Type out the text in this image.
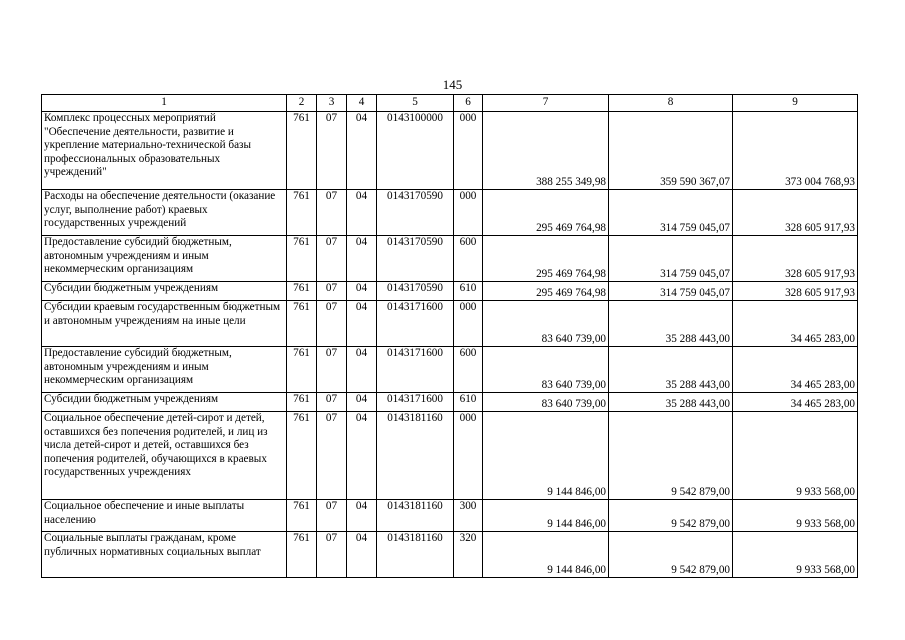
145
1	2	3	4	5	6	7	8	9
Комплекс процессных мероприятий "Обеспечение деятельности, развитие и укрепление материально-технической базы профессиональных образовательных учреждений"	761	07	04	0143100000	000	388 255 349,98	359 590 367,07	373 004 768,93
Расходы на обеспечение деятельности (оказание услуг, выполнение работ) краевых государственных учреждений	761	07	04	0143170590	000	295 469 764,98	314 759 045,07	328 605 917,93
Предоставление субсидий бюджетным, автономным учреждениям и иным некоммерческим организациям	761	07	04	0143170590	600	295 469 764,98	314 759 045,07	328 605 917,93
Субсидии бюджетным учреждениям	761	07	04	0143170590	610	295 469 764,98	314 759 045,07	328 605 917,93
Субсидии краевым государственным бюджетным и автономным учреждениям на иные цели	761	07	04	0143171600	000	83 640 739,00	35 288 443,00	34 465 283,00
Предоставление субсидий бюджетным, автономным учреждениям и иным некоммерческим организациям	761	07	04	0143171600	600	83 640 739,00	35 288 443,00	34 465 283,00
Субсидии бюджетным учреждениям	761	07	04	0143171600	610	83 640 739,00	35 288 443,00	34 465 283,00
Социальное обеспечение детей-сирот и детей, оставшихся без попечения родителей, и лиц из числа детей-сирот и детей, оставшихся без попечения родителей, обучающихся в краевых государственных учреждениях	761	07	04	0143181160	000	9 144 846,00	9 542 879,00	9 933 568,00
Социальное обеспечение и иные выплаты населению	761	07	04	0143181160	300	9 144 846,00	9 542 879,00	9 933 568,00
Социальные выплаты гражданам, кроме публичных нормативных социальных выплат	761	07	04	0143181160	320	9 144 846,00	9 542 879,00	9 933 568,00
